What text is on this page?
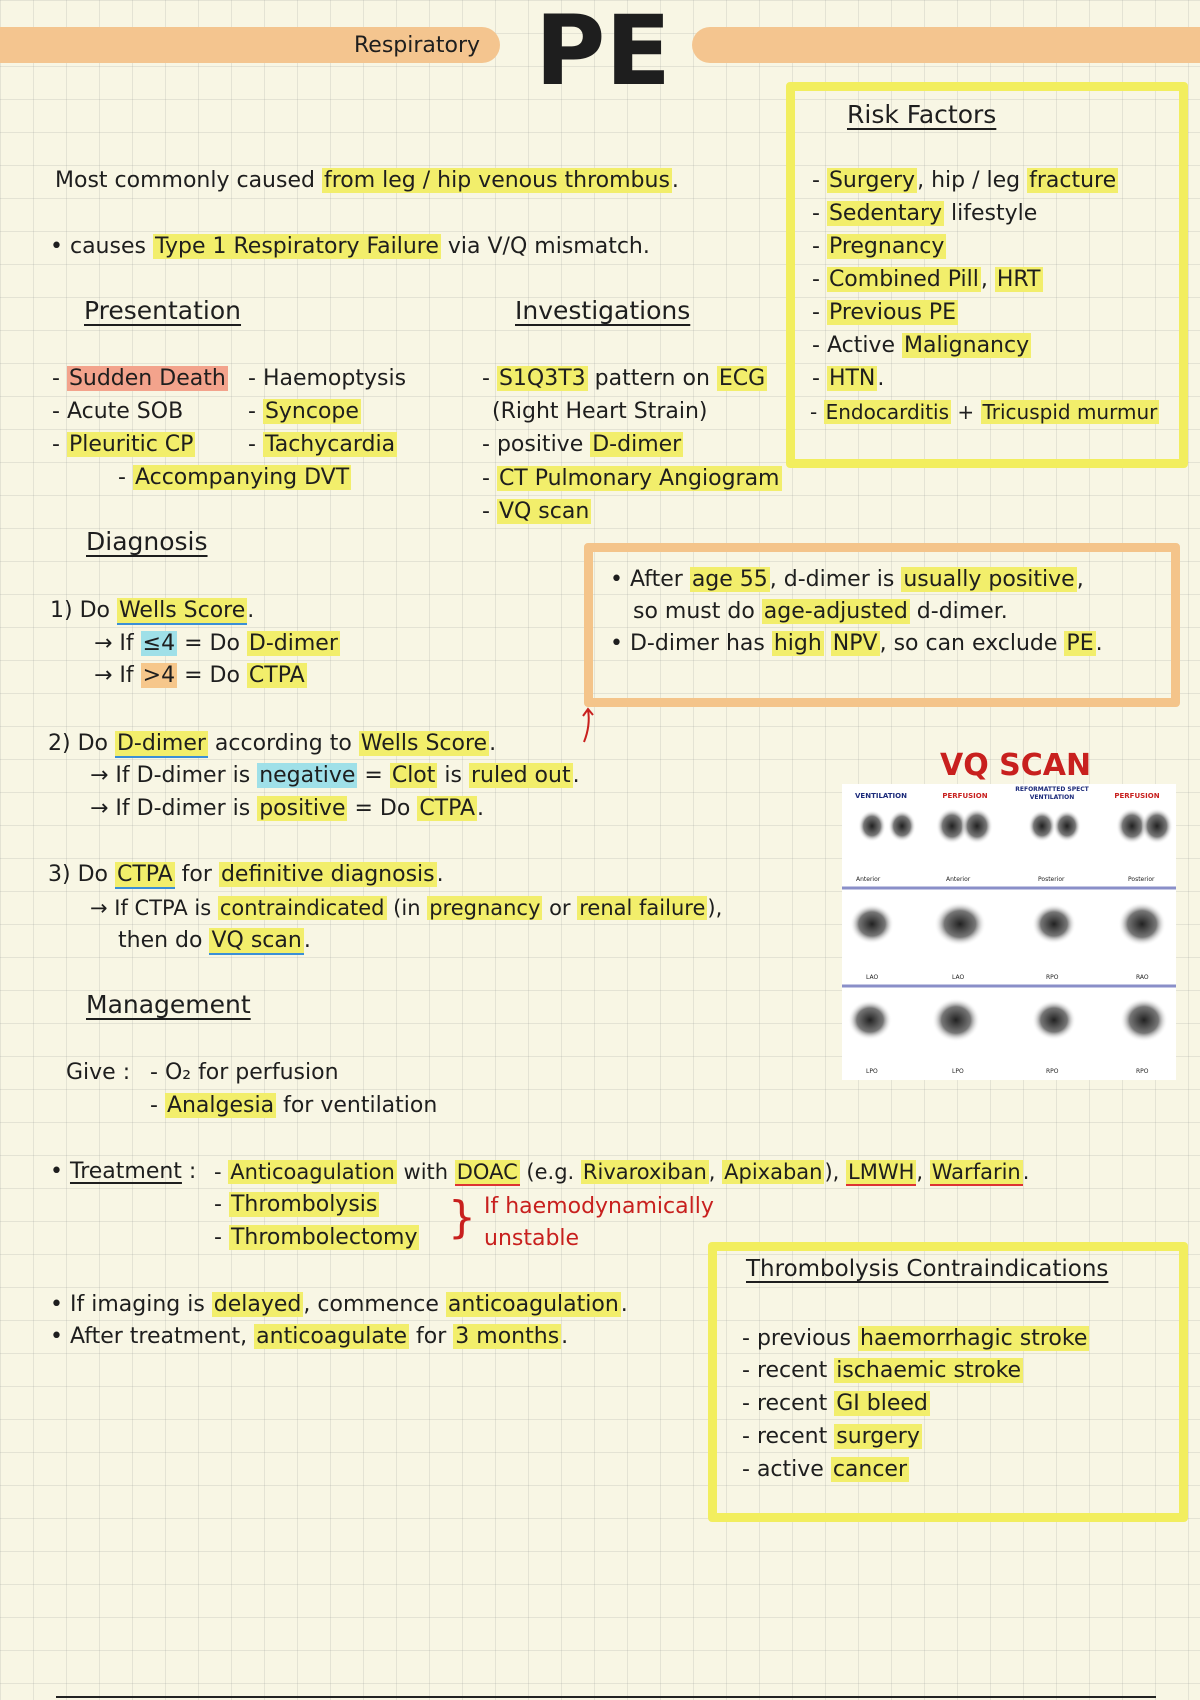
Respiratory PE
Most commonly caused from leg / hip venous thrombus.
• causes Type 1 Respiratory Failure via V/Q mismatch.
Presentation
- Sudden Death
- Acute SOB
- Pleuritic CP
- Haemoptysis
- Syncope
- Tachycardia
- Accompanying DVT
Investigations
- S1Q3T3 pattern on ECG
(Right Heart Strain)
- positive D-dimer
- CT Pulmonary Angiogram
- VQ scan
Risk Factors
- Surgery, hip / leg fracture
- Sedentary lifestyle
- Pregnancy
- Combined Pill, HRT
- Previous PE
- Active Malignancy
- HTN.
- Endocarditis + Tricuspid murmur
• After age 55, d-dimer is usually positive,
so must do age-adjusted d-dimer.
• D-dimer has high NPV, so can exclude PE.
Diagnosis
1) Do Wells Score.
→ If ≤4 = Do D-dimer
→ If >4 = Do CTPA
2) Do D-dimer according to Wells Score.
→ If D-dimer is negative = Clot is ruled out.
→ If D-dimer is positive = Do CTPA.
3) Do CTPA for definitive diagnosis.
→ If CTPA is contraindicated (in pregnancy or renal failure),
then do VQ scan.
VQ SCAN
VENTILATION	PERFUSION
REFORMATTED SPECT VENTILATION	PERFUSION
Anterior	Anterior	Posterior	Posterior
LAO	LAO	RPO	RAO
LPO	LPO	RPO	RPO
Management
Give : - O₂ for perfusion
- Analgesia for ventilation
• Treatment : - Anticoagulation with DOAC (e.g. Rivaroxiban, Apixaban), LMWH, Warfarin.
- Thrombolysis
- Thrombolectomy } If haemodynamically
unstable
• If imaging is delayed, commence anticoagulation.
• After treatment, anticoagulate for 3 months.
Thrombolysis Contraindications
- previous haemorrhagic stroke
- recent ischaemic stroke
- recent GI bleed
- recent surgery
- active cancer
